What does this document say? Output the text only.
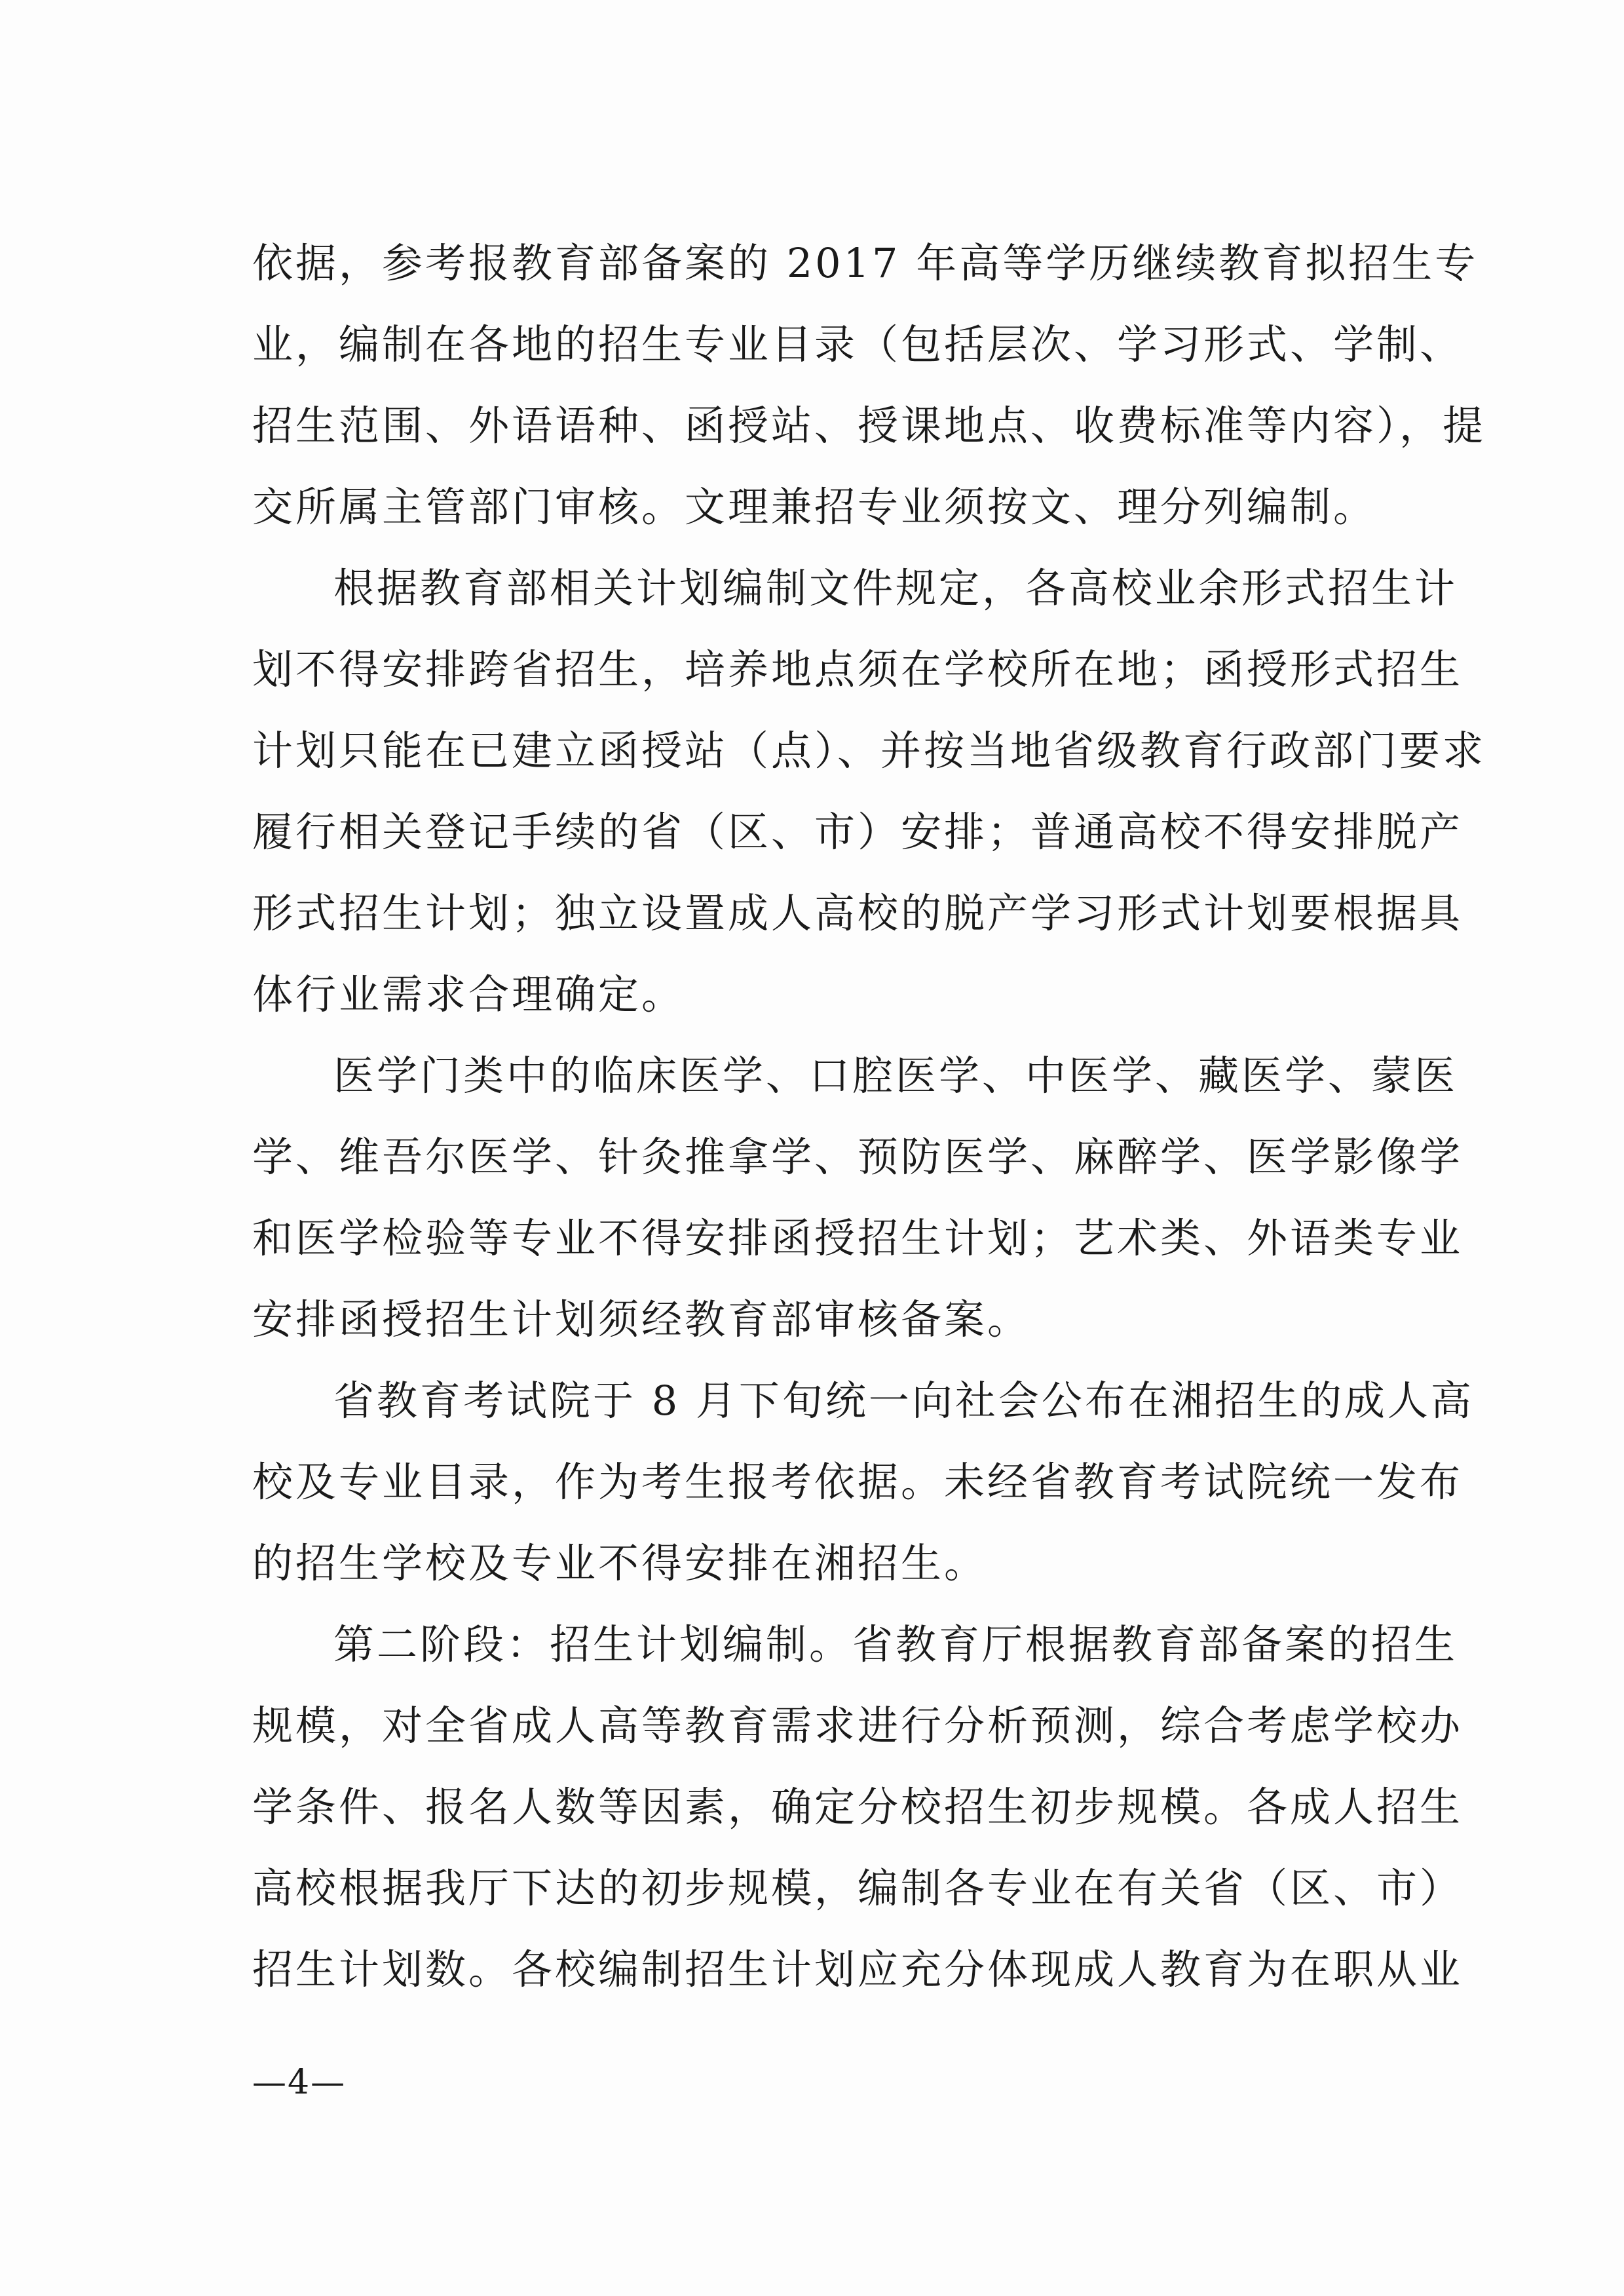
依据，参考报教育部备案的 2017 年高等学历继续教育拟招生专
业，编制在各地的招生专业目录（包括层次、学习形式、学制、
招生范围、外语语种、函授站、授课地点、收费标准等内容），提
交所属主管部门审核。文理兼招专业须按文、理分列编制。
根据教育部相关计划编制文件规定，各高校业余形式招生计
划不得安排跨省招生，培养地点须在学校所在地；函授形式招生
计划只能在已建立函授站（点）、并按当地省级教育行政部门要求
履行相关登记手续的省（区、市）安排；普通高校不得安排脱产
形式招生计划；独立设置成人高校的脱产学习形式计划要根据具
体行业需求合理确定。
医学门类中的临床医学、口腔医学、中医学、藏医学、蒙医
学、维吾尔医学、针灸推拿学、预防医学、麻醉学、医学影像学
和医学检验等专业不得安排函授招生计划；艺术类、外语类专业
安排函授招生计划须经教育部审核备案。
省教育考试院于 8 月下旬统一向社会公布在湘招生的成人高
校及专业目录，作为考生报考依据。未经省教育考试院统一发布
的招生学校及专业不得安排在湘招生。
第二阶段：招生计划编制。省教育厅根据教育部备案的招生
规模，对全省成人高等教育需求进行分析预测，综合考虑学校办
学条件、报名人数等因素，确定分校招生初步规模。各成人招生
高校根据我厅下达的初步规模，编制各专业在有关省（区、市）
招生计划数。各校编制招生计划应充分体现成人教育为在职从业
—4—
